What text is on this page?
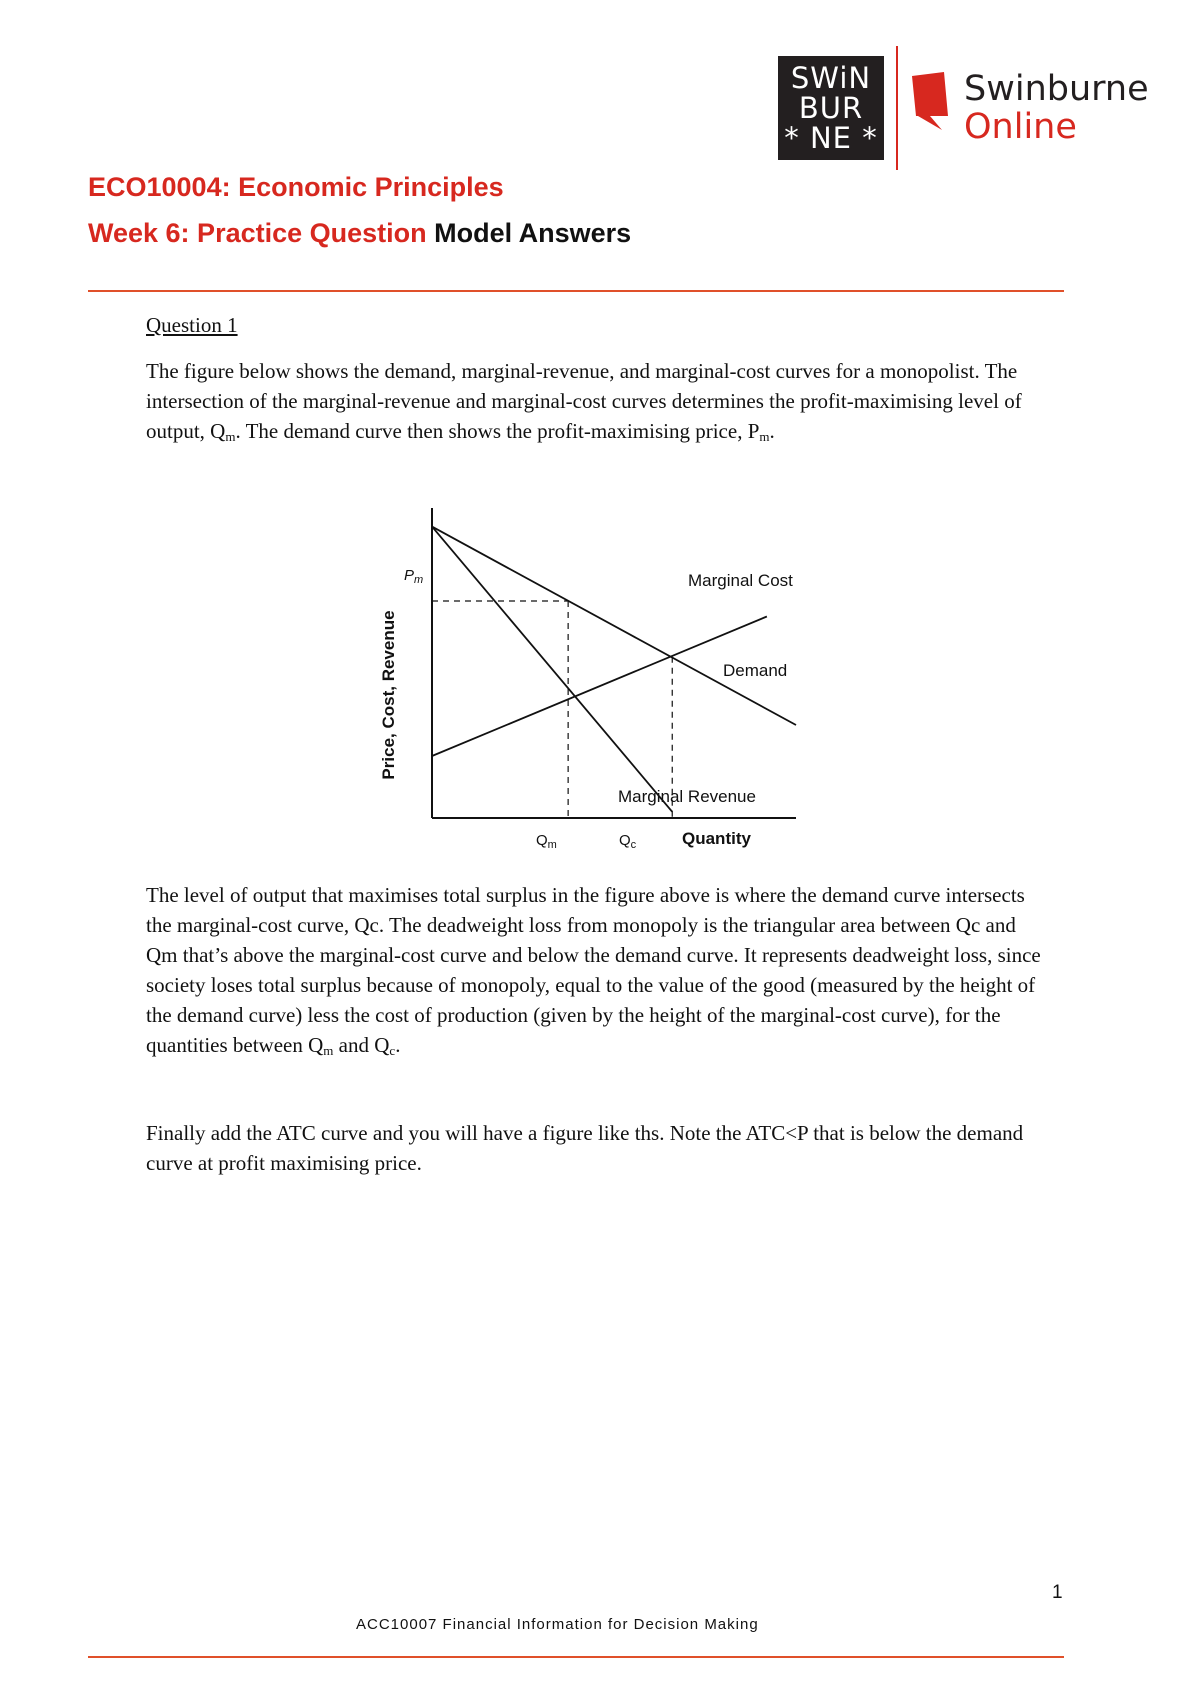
SWiN
BUR
* NE *
Swinburne
Online
ECO10004: Economic Principles
Week 6: Practice Question Model Answers

Question 1

The figure below shows the demand, marginal-revenue, and marginal-cost curves for a monopolist. The intersection of the marginal-revenue and marginal-cost curves determines the profit-maximising level of output, $Q_m$. The demand curve then shows the profit-maximising price, $P_m$.

Price, Cost, Revenue
Marginal Cost
Demand
Marginal Revenue
$P_m$
$Q_m$	$Q_c$	Quantity

The level of output that maximises total surplus in the figure above is where the demand curve intersects the marginal-cost curve, Qc. The deadweight loss from monopoly is the triangular area between Qc and Qm that’s above the marginal-cost curve and below the demand curve. It represents deadweight loss, since society loses total surplus because of monopoly, equal to the value of the good (measured by the height of the demand curve) less the cost of production (given by the height of the marginal-cost curve), for the quantities between $Q_m$ and $Q_c$.

Finally add the ATC curve and you will have a figure like ths. Note the ATC<P that is below the demand curve at profit maximising price.

1
ACC10007 Financial Information for Decision Making
